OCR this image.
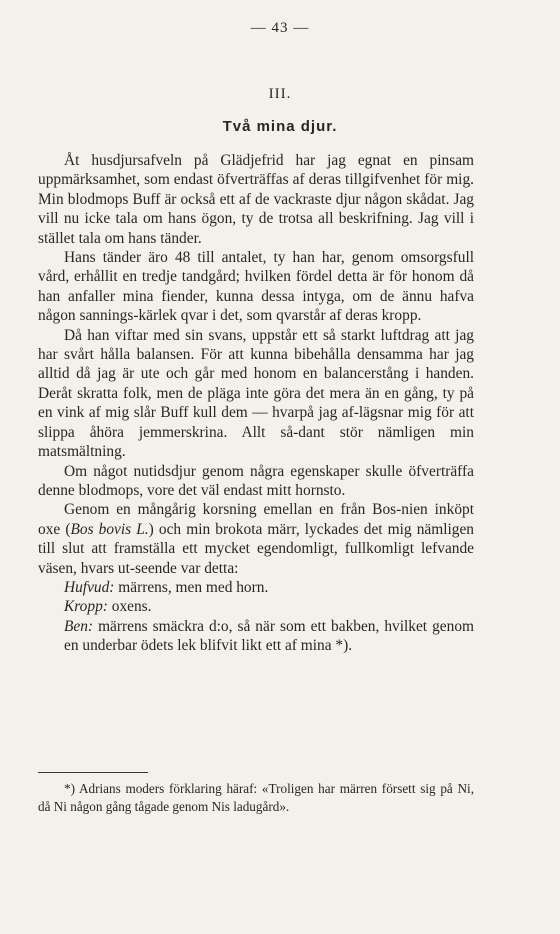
— 43 —
III.
Två mina djur.

Åt husdjursafveln på Glädjefrid har jag egnat en pinsam uppmärksamhet, som endast öfverträffas af deras tillgifvenhet för mig. Min blodmops Buff är också ett af de vackraste djur någon skådat. Jag vill nu icke tala om hans ögon, ty de trotsa all beskrifning. Jag vill i stället tala om hans tänder.

Hans tänder äro 48 till antalet, ty han har, genom omsorgsfull vård, erhållit en tredje tandgård; hvilken fördel detta är för honom då han anfaller mina fiender, kunna dessa intyga, om de ännu hafva någon sannings-kärlek qvar i det, som qvarstår af deras kropp.

Då han viftar med sin svans, uppstår ett så starkt luftdrag att jag har svårt hålla balansen. För att kunna bibehålla densamma har jag alltid då jag är ute och går med honom en balancerstång i handen. Deråt skratta folk, men de pläga inte göra det mera än en gång, ty på en vink af mig slår Buff kull dem — hvarpå jag af-lägsnar mig för att slippa åhöra jemmerskrina. Allt så-dant stör nämligen min matsmältning.

Om något nutidsdjur genom några egenskaper skulle öfverträffa denne blodmops, vore det väl endast mitt hornsto.

Genom en mångårig korsning emellan en från Bos-nien inköpt oxe (Bos bovis L.) och min brokota märr, lyckades det mig nämligen till slut att framställa ett mycket egendomligt, fullkomligt lefvande väsen, hvars ut-seende var detta:

Hufvud: märrens, men med horn.

Kropp: oxens.

Ben: märrens smäckra d:o, så när som ett bakben, hvilket genom en underbar ödets lek blifvit likt ett af mina *).

*) Adrians moders förklaring häraf: «Troligen har märren försett sig på Ni, då Ni någon gång tågade genom Nis ladugård».
